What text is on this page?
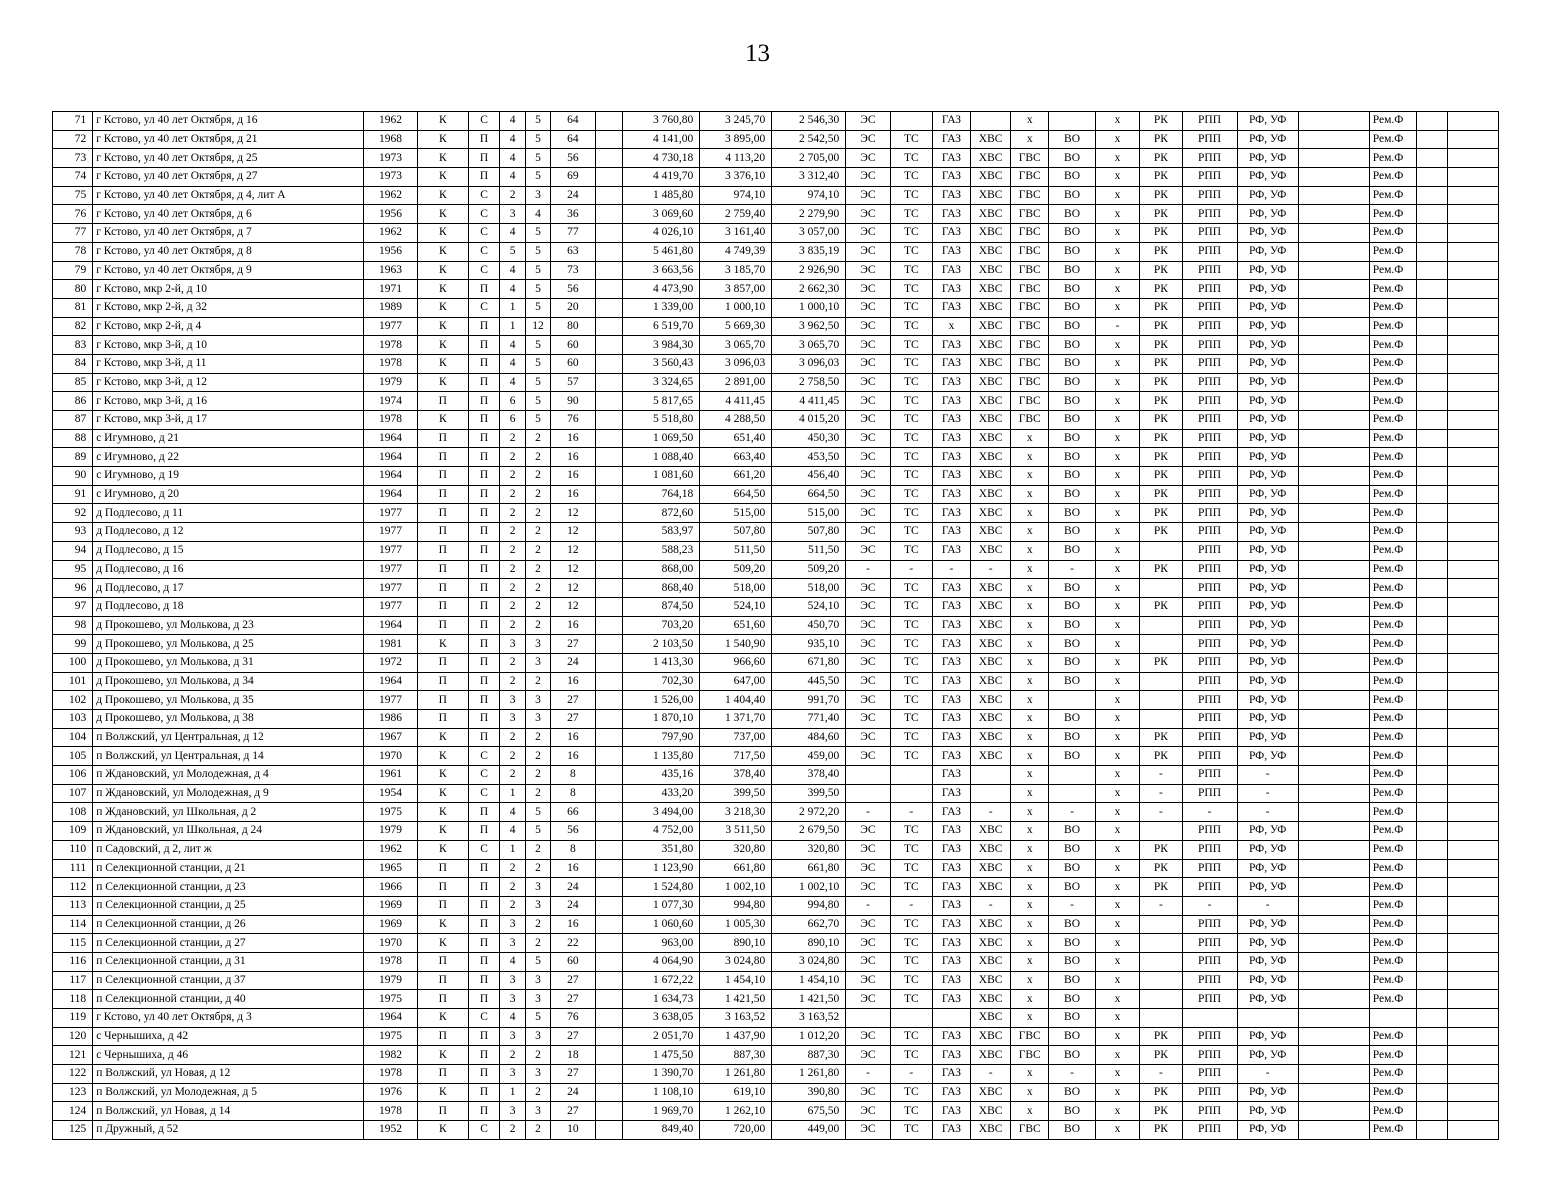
13
71	г Кстово, ул 40 лет Октября, д 16	1962	К	С	4	5	64		3 760,80	3 245,70	2 546,30	ЭС		ГАЗ		х		х	РК	РПП	РФ, УФ		Рем.Ф		
72	г Кстово, ул 40 лет Октября, д 21	1968	К	П	4	5	64		4 141,00	3 895,00	2 542,50	ЭС	ТС	ГАЗ	ХВС	х	ВО	х	РК	РПП	РФ, УФ		Рем.Ф		
73	г Кстово, ул 40 лет Октября, д 25	1973	К	П	4	5	56		4 730,18	4 113,20	2 705,00	ЭС	ТС	ГАЗ	ХВС	ГВС	ВО	х	РК	РПП	РФ, УФ		Рем.Ф		
74	г Кстово, ул 40 лет Октября, д 27	1973	К	П	4	5	69		4 419,70	3 376,10	3 312,40	ЭС	ТС	ГАЗ	ХВС	ГВС	ВО	х	РК	РПП	РФ, УФ		Рем.Ф		
75	г Кстово, ул 40 лет Октября, д 4, лит А	1962	К	С	2	3	24		1 485,80	974,10	974,10	ЭС	ТС	ГАЗ	ХВС	ГВС	ВО	х	РК	РПП	РФ, УФ		Рем.Ф		
76	г Кстово, ул 40 лет Октября, д 6	1956	К	С	3	4	36		3 069,60	2 759,40	2 279,90	ЭС	ТС	ГАЗ	ХВС	ГВС	ВО	х	РК	РПП	РФ, УФ		Рем.Ф		
77	г Кстово, ул 40 лет Октября, д 7	1962	К	С	4	5	77		4 026,10	3 161,40	3 057,00	ЭС	ТС	ГАЗ	ХВС	ГВС	ВО	х	РК	РПП	РФ, УФ		Рем.Ф		
78	г Кстово, ул 40 лет Октября, д 8	1956	К	С	5	5	63		5 461,80	4 749,39	3 835,19	ЭС	ТС	ГАЗ	ХВС	ГВС	ВО	х	РК	РПП	РФ, УФ		Рем.Ф		
79	г Кстово, ул 40 лет Октября, д 9	1963	К	С	4	5	73		3 663,56	3 185,70	2 926,90	ЭС	ТС	ГАЗ	ХВС	ГВС	ВО	х	РК	РПП	РФ, УФ		Рем.Ф		
80	г Кстово, мкр 2-й, д 10	1971	К	П	4	5	56		4 473,90	3 857,00	2 662,30	ЭС	ТС	ГАЗ	ХВС	ГВС	ВО	х	РК	РПП	РФ, УФ		Рем.Ф		
81	г Кстово, мкр 2-й, д 32	1989	К	С	1	5	20		1 339,00	1 000,10	1 000,10	ЭС	ТС	ГАЗ	ХВС	ГВС	ВО	х	РК	РПП	РФ, УФ		Рем.Ф		
82	г Кстово, мкр 2-й, д 4	1977	К	П	1	12	80		6 519,70	5 669,30	3 962,50	ЭС	ТС	х	ХВС	ГВС	ВО	-	РК	РПП	РФ, УФ		Рем.Ф		
83	г Кстово, мкр 3-й, д 10	1978	К	П	4	5	60		3 984,30	3 065,70	3 065,70	ЭС	ТС	ГАЗ	ХВС	ГВС	ВО	х	РК	РПП	РФ, УФ		Рем.Ф		
84	г Кстово, мкр 3-й, д 11	1978	К	П	4	5	60		3 560,43	3 096,03	3 096,03	ЭС	ТС	ГАЗ	ХВС	ГВС	ВО	х	РК	РПП	РФ, УФ		Рем.Ф		
85	г Кстово, мкр 3-й, д 12	1979	К	П	4	5	57		3 324,65	2 891,00	2 758,50	ЭС	ТС	ГАЗ	ХВС	ГВС	ВО	х	РК	РПП	РФ, УФ		Рем.Ф		
86	г Кстово, мкр 3-й, д 16	1974	П	П	6	5	90		5 817,65	4 411,45	4 411,45	ЭС	ТС	ГАЗ	ХВС	ГВС	ВО	х	РК	РПП	РФ, УФ		Рем.Ф		
87	г Кстово, мкр 3-й, д 17	1978	К	П	6	5	76		5 518,80	4 288,50	4 015,20	ЭС	ТС	ГАЗ	ХВС	ГВС	ВО	х	РК	РПП	РФ, УФ		Рем.Ф		
88	с Игумново, д 21	1964	П	П	2	2	16		1 069,50	651,40	450,30	ЭС	ТС	ГАЗ	ХВС	х	ВО	х	РК	РПП	РФ, УФ		Рем.Ф		
89	с Игумново, д 22	1964	П	П	2	2	16		1 088,40	663,40	453,50	ЭС	ТС	ГАЗ	ХВС	х	ВО	х	РК	РПП	РФ, УФ		Рем.Ф		
90	с Игумново, д 19	1964	П	П	2	2	16		1 081,60	661,20	456,40	ЭС	ТС	ГАЗ	ХВС	х	ВО	х	РК	РПП	РФ, УФ		Рем.Ф		
91	с Игумново, д 20	1964	П	П	2	2	16		764,18	664,50	664,50	ЭС	ТС	ГАЗ	ХВС	х	ВО	х	РК	РПП	РФ, УФ		Рем.Ф		
92	д Подлесово, д 11	1977	П	П	2	2	12		872,60	515,00	515,00	ЭС	ТС	ГАЗ	ХВС	х	ВО	х	РК	РПП	РФ, УФ		Рем.Ф		
93	д Подлесово, д 12	1977	П	П	2	2	12		583,97	507,80	507,80	ЭС	ТС	ГАЗ	ХВС	х	ВО	х	РК	РПП	РФ, УФ		Рем.Ф		
94	д Подлесово, д 15	1977	П	П	2	2	12		588,23	511,50	511,50	ЭС	ТС	ГАЗ	ХВС	х	ВО	х		РПП	РФ, УФ		Рем.Ф		
95	д Подлесово, д 16	1977	П	П	2	2	12		868,00	509,20	509,20	-	-	-	-	х	-	х	РК	РПП	РФ, УФ		Рем.Ф		
96	д Подлесово, д 17	1977	П	П	2	2	12		868,40	518,00	518,00	ЭС	ТС	ГАЗ	ХВС	х	ВО	х		РПП	РФ, УФ		Рем.Ф		
97	д Подлесово, д 18	1977	П	П	2	2	12		874,50	524,10	524,10	ЭС	ТС	ГАЗ	ХВС	х	ВО	х	РК	РПП	РФ, УФ		Рем.Ф		
98	д Прокошево, ул Молькова, д 23	1964	П	П	2	2	16		703,20	651,60	450,70	ЭС	ТС	ГАЗ	ХВС	х	ВО	х		РПП	РФ, УФ		Рем.Ф		
99	д Прокошево, ул Молькова, д 25	1981	К	П	3	3	27		2 103,50	1 540,90	935,10	ЭС	ТС	ГАЗ	ХВС	х	ВО	х		РПП	РФ, УФ		Рем.Ф		
100	д Прокошево, ул Молькова, д 31	1972	П	П	2	3	24		1 413,30	966,60	671,80	ЭС	ТС	ГАЗ	ХВС	х	ВО	х	РК	РПП	РФ, УФ		Рем.Ф		
101	д Прокошево, ул Молькова, д 34	1964	П	П	2	2	16		702,30	647,00	445,50	ЭС	ТС	ГАЗ	ХВС	х	ВО	х		РПП	РФ, УФ		Рем.Ф		
102	д Прокошево, ул Молькова, д 35	1977	П	П	3	3	27		1 526,00	1 404,40	991,70	ЭС	ТС	ГАЗ	ХВС	х		х		РПП	РФ, УФ		Рем.Ф		
103	д Прокошево, ул Молькова, д 38	1986	П	П	3	3	27		1 870,10	1 371,70	771,40	ЭС	ТС	ГАЗ	ХВС	х	ВО	х		РПП	РФ, УФ		Рем.Ф		
104	п Волжский, ул Центральная, д 12	1967	К	П	2	2	16		797,90	737,00	484,60	ЭС	ТС	ГАЗ	ХВС	х	ВО	х	РК	РПП	РФ, УФ		Рем.Ф		
105	п Волжский, ул Центральная, д 14	1970	К	С	2	2	16		1 135,80	717,50	459,00	ЭС	ТС	ГАЗ	ХВС	х	ВО	х	РК	РПП	РФ, УФ		Рем.Ф		
106	п Ждановский, ул Молодежная, д 4	1961	К	С	2	2	8		435,16	378,40	378,40			ГАЗ		х		х	-	РПП	-		Рем.Ф		
107	п Ждановский, ул Молодежная, д 9	1954	К	С	1	2	8		433,20	399,50	399,50			ГАЗ		х		х	-	РПП	-		Рем.Ф		
108	п Ждановский, ул Школьная, д 2	1975	К	П	4	5	66		3 494,00	3 218,30	2 972,20	-	-	ГАЗ	-	х	-	х	-	-	-		Рем.Ф		
109	п Ждановский, ул Школьная, д 24	1979	К	П	4	5	56		4 752,00	3 511,50	2 679,50	ЭС	ТС	ГАЗ	ХВС	х	ВО	х		РПП	РФ, УФ		Рем.Ф		
110	п Садовский, д 2, лит ж	1962	К	С	1	2	8		351,80	320,80	320,80	ЭС	ТС	ГАЗ	ХВС	х	ВО	х	РК	РПП	РФ, УФ		Рем.Ф		
111	п Селекционной станции, д 21	1965	П	П	2	2	16		1 123,90	661,80	661,80	ЭС	ТС	ГАЗ	ХВС	х	ВО	х	РК	РПП	РФ, УФ		Рем.Ф		
112	п Селекционной станции, д 23	1966	П	П	2	3	24		1 524,80	1 002,10	1 002,10	ЭС	ТС	ГАЗ	ХВС	х	ВО	х	РК	РПП	РФ, УФ		Рем.Ф		
113	п Селекционной станции, д 25	1969	П	П	2	3	24		1 077,30	994,80	994,80	-	-	ГАЗ	-	х	-	х	-	-	-		Рем.Ф		
114	п Селекционной станции, д 26	1969	К	П	3	2	16		1 060,60	1 005,30	662,70	ЭС	ТС	ГАЗ	ХВС	х	ВО	х		РПП	РФ, УФ		Рем.Ф		
115	п Селекционной станции, д 27	1970	К	П	3	2	22		963,00	890,10	890,10	ЭС	ТС	ГАЗ	ХВС	х	ВО	х		РПП	РФ, УФ		Рем.Ф		
116	п Селекционной станции, д 31	1978	П	П	4	5	60		4 064,90	3 024,80	3 024,80	ЭС	ТС	ГАЗ	ХВС	х	ВО	х		РПП	РФ, УФ		Рем.Ф		
117	п Селекционной станции, д 37	1979	П	П	3	3	27		1 672,22	1 454,10	1 454,10	ЭС	ТС	ГАЗ	ХВС	х	ВО	х		РПП	РФ, УФ		Рем.Ф		
118	п Селекционной станции, д 40	1975	П	П	3	3	27		1 634,73	1 421,50	1 421,50	ЭС	ТС	ГАЗ	ХВС	х	ВО	х		РПП	РФ, УФ		Рем.Ф		
119	г Кстово, ул 40 лет Октября, д 3	1964	К	С	4	5	76		3 638,05	3 163,52	3 163,52				ХВС	х	ВО	х							
120	с Чернышиха, д 42	1975	П	П	3	3	27		2 051,70	1 437,90	1 012,20	ЭС	ТС	ГАЗ	ХВС	ГВС	ВО	х	РК	РПП	РФ, УФ		Рем.Ф		
121	с Чернышиха, д 46	1982	К	П	2	2	18		1 475,50	887,30	887,30	ЭС	ТС	ГАЗ	ХВС	ГВС	ВО	х	РК	РПП	РФ, УФ		Рем.Ф		
122	п Волжский, ул Новая, д 12	1978	П	П	3	3	27		1 390,70	1 261,80	1 261,80	-	-	ГАЗ	-	х	-	х	-	РПП	-		Рем.Ф		
123	п Волжский, ул Молодежная, д 5	1976	К	П	1	2	24		1 108,10	619,10	390,80	ЭС	ТС	ГАЗ	ХВС	х	ВО	х	РК	РПП	РФ, УФ		Рем.Ф		
124	п Волжский, ул Новая, д 14	1978	П	П	3	3	27		1 969,70	1 262,10	675,50	ЭС	ТС	ГАЗ	ХВС	х	ВО	х	РК	РПП	РФ, УФ		Рем.Ф		
125	п Дружный, д 52	1952	К	С	2	2	10		849,40	720,00	449,00	ЭС	ТС	ГАЗ	ХВС	ГВС	ВО	х	РК	РПП	РФ, УФ		Рем.Ф		
